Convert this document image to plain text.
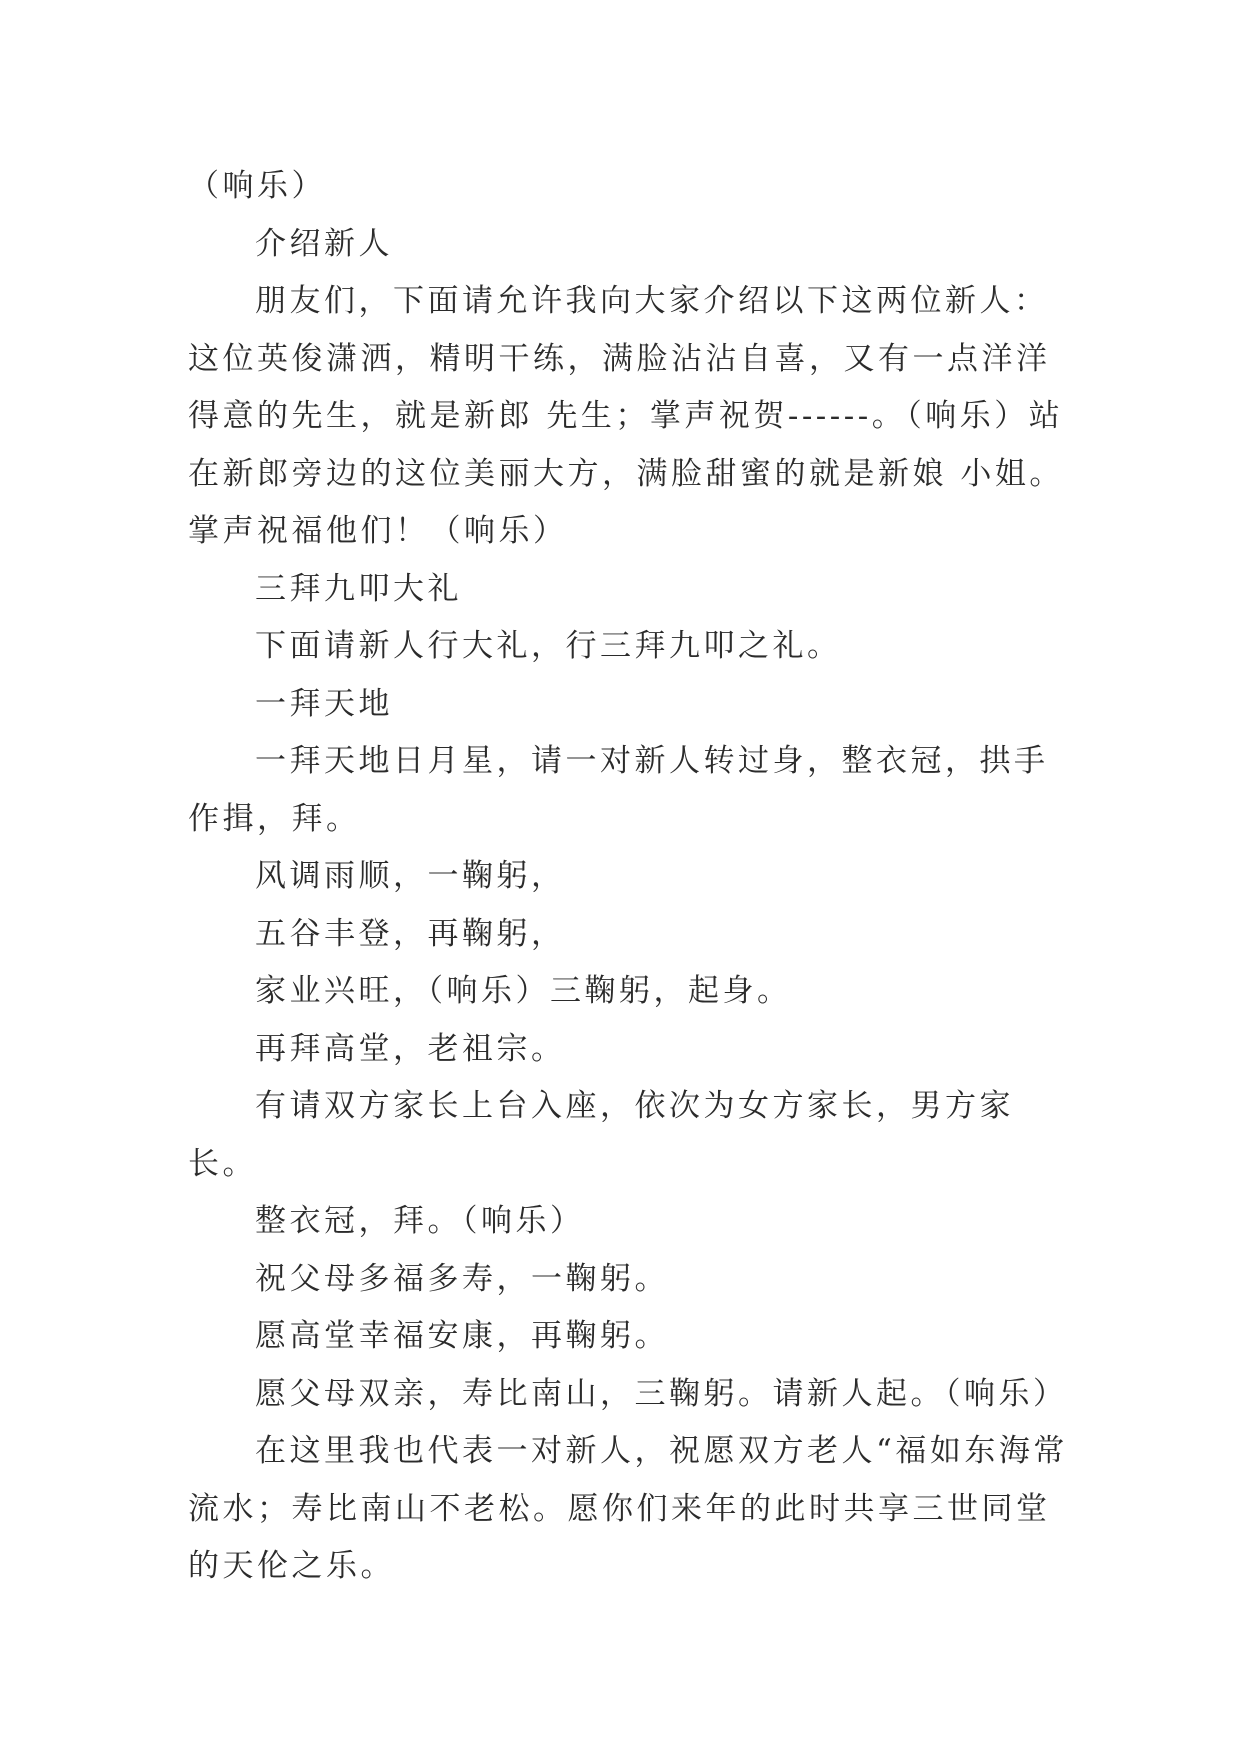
（响乐）

介绍新人

朋友们，下面请允许我向大家介绍以下这两位新人：这位英俊潇洒，精明干练，满脸沾沾自喜，又有一点洋洋得意的先生，就是新郎 先生；掌声祝贺------。（响乐）站在新郎旁边的这位美丽大方，满脸甜蜜的就是新娘 小姐。掌声祝福他们！（响乐）

三拜九叩大礼

下面请新人行大礼，行三拜九叩之礼。

一拜天地

一拜天地日月星，请一对新人转过身，整衣冠，拱手作揖，拜。

风调雨顺，一鞠躬，

五谷丰登，再鞠躬，

家业兴旺，（响乐）三鞠躬，起身。

再拜高堂，老祖宗。

有请双方家长上台入座，依次为女方家长，男方家长。

整衣冠，拜。（响乐）

祝父母多福多寿，一鞠躬。

愿高堂幸福安康，再鞠躬。

愿父母双亲，寿比南山，三鞠躬。请新人起。（响乐）

在这里我也代表一对新人，祝愿双方老人“福如东海常流水；寿比南山不老松。愿你们来年的此时共享三世同堂的天伦之乐。
